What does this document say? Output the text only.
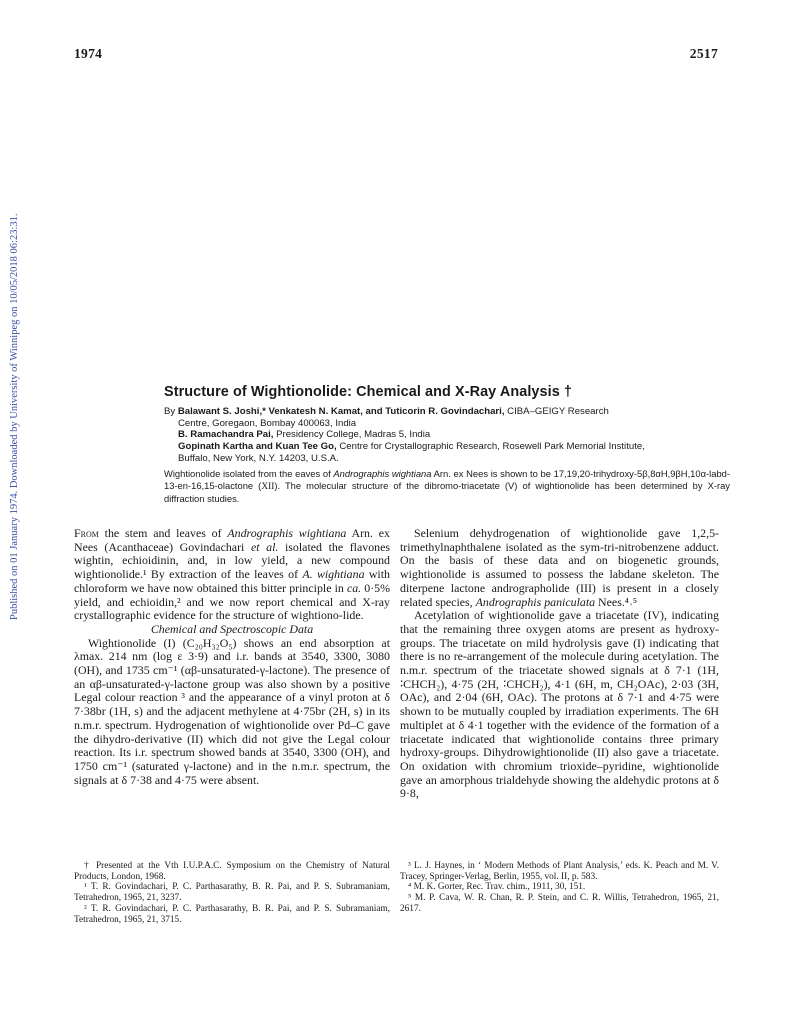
1974	2517
Published on 01 January 1974. Downloaded by University of Winnipeg on 10/05/2018 06:23:31.	Structure of Wightionolide: Chemical and X-Ray Analysis †
By Balawant S. Joshi,* Venkatesh N. Kamat, and Tuticorin R. Govindachari, CIBA–GEIGY Research
Centre, Goregaon, Bombay 400063, India
B. Ramachandra Pai, Presidency College, Madras 5, India
Gopinath Kartha and Kuan Tee Go, Centre for Crystallographic Research, Rosewell Park Memorial Institute,
Buffalo, New York, N.Y. 14203, U.S.A.
Wightionolide isolated from the eaves of Andrographis wightiana Arn. ex Nees is shown to be 17,19,20-trihydroxy-5β,8αH,9βH,10α-labd-13-en-16,15-olactone (XII). The molecular structure of the dibromo-triacetate (V) of wightionolide has been determined by X-ray diffraction studies.

From the stem and leaves of Andrographis wightiana Arn. ex Nees (Acanthaceae) Govindachari et al. isolated the flavones wightin, echioidinin, and, in low yield, a new compound wightionolide.¹ By extraction of the leaves of A. wightiana with chloroform we have now obtained this bitter principle in ca. 0·5% yield, and echioidin,² and we now report chemical and X-ray crystallographic evidence for the structure of wightiono-lide.

Chemical and Spectroscopic Data

Wightionolide (I) (C₂₀H₃₂O₅) shows an end absorption at λmax. 214 nm (log ε 3·9) and i.r. bands at 3540, 3300, 3080 (OH), and 1735 cm⁻¹ (αβ-unsaturated-γ-lactone). The presence of an αβ-unsaturated-γ-lactone group was also shown by a positive Legal colour reaction ³ and the appearance of a vinyl proton at δ 7·38br (1H, s) and the adjacent methylene at 4·75br (2H, s) in its n.m.r. spectrum. Hydrogenation of wightionolide over Pd–C gave the dihydro-derivative (II) which did not give the Legal colour reaction. Its i.r. spectrum showed bands at 3540, 3300 (OH), and 1750 cm⁻¹ (saturated γ-lactone) and in the n.m.r. spectrum, the signals at δ 7·38 and 4·75 were absent.

Selenium dehydrogenation of wightionolide gave 1,2,5-trimethylnaphthalene isolated as the sym-tri-nitrobenzene adduct. On the basis of these data and on biogenetic grounds, wightionolide is assumed to possess the labdane skeleton. The diterpene lactone andrographolide (III) is present in a closely related species, Andrographis paniculata Nees.⁴˒⁵

Acetylation of wightionolide gave a triacetate (IV), indicating that the remaining three oxygen atoms are present as hydroxy-groups. The triacetate on mild hydrolysis gave (I) indicating that there is no re-arrangement of the molecule during acetylation. The n.m.r. spectrum of the triacetate showed signals at δ 7·1 (1H, ∶CHCH₂), 4·75 (2H, ∶CHCH₂), 4·1 (6H, m, CH₂OAc), 2·03 (3H, OAc), and 2·04 (6H, OAc). The protons at δ 7·1 and 4·75 were shown to be mutually coupled by irradiation experiments. The 6H multiplet at δ 4·1 together with the evidence of the formation of a triacetate indicated that wightionolide contains three primary hydroxy-groups. Dihydrowightionolide (II) also gave a triacetate. On oxidation with chromium trioxide–pyridine, wightionolide gave an amorphous trialdehyde showing the aldehydic protons at δ 9·8,

† Presented at the Vth I.U.P.A.C. Symposium on the Chemistry of Natural Products, London, 1968.

¹ T. R. Govindachari, P. C. Parthasarathy, B. R. Pai, and P. S. Subramaniam, Tetrahedron, 1965, 21, 3237.

² T. R. Govindachari, P. C. Parthasarathy, B. R. Pai, and P. S. Subramaniam, Tetrahedron, 1965, 21, 3715.

³ L. J. Haynes, in ‘ Modern Methods of Plant Analysis,’ eds. K. Peach and M. V. Tracey, Springer-Verlag, Berlin, 1955, vol. II, p. 583.

⁴ M. K. Gorter, Rec. Trav. chim., 1911, 30, 151.

⁵ M. P. Cava, W. R. Chan, R. P. Stein, and C. R. Willis, Tetrahedron, 1965, 21, 2617.
